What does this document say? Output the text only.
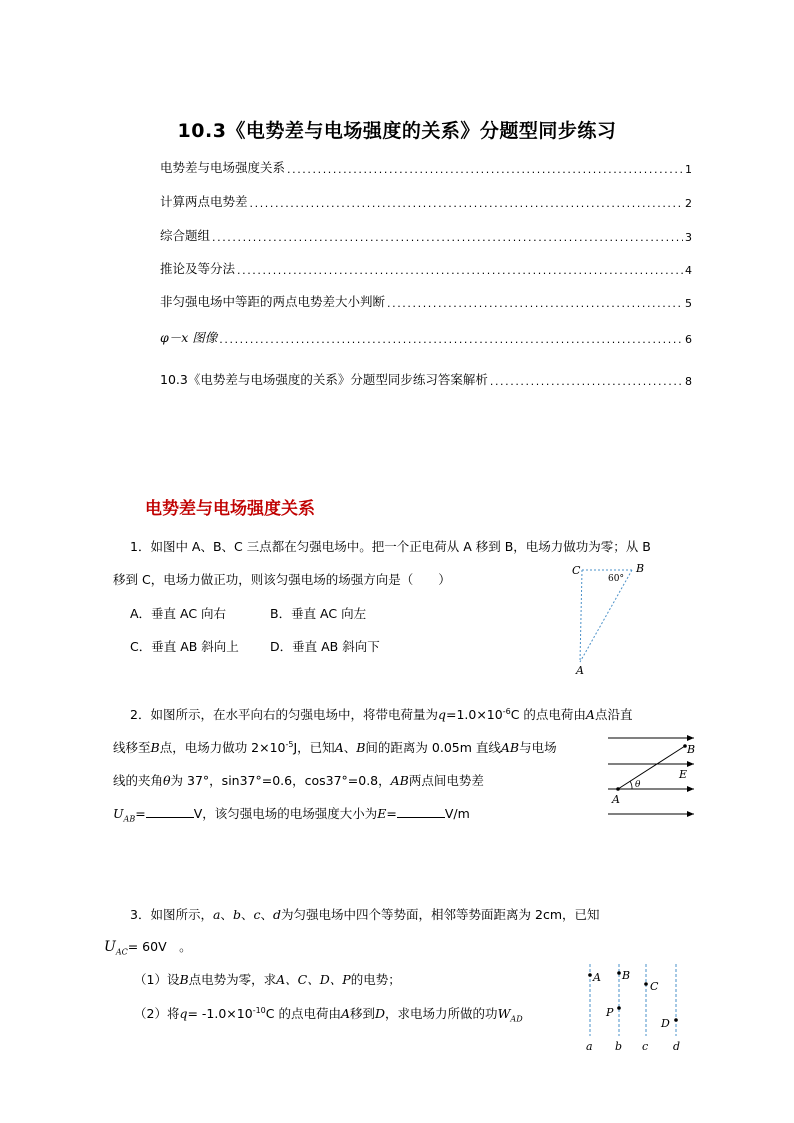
10.3《电势差与电场强度的关系》分题型同步练习
电势差与电场强度关系 .....	1
计算两点电势差 .....	2
综合题组 .....	3
推论及等分法 .....	4
非匀强电场中等距的两点电势差大小判断 .....	5
φ－x 图像 .....	6
10.3《电势差与电场强度的关系》分题型同步练习答案解析 .....	8
电势差与电场强度关系
1．如图中 A、B、C 三点都在匀强电场中。把一个正电荷从 A 移到 B，电场力做功为零；从 B
移到 C，电场力做正功，则该匀强电场的场强方向是（　　）
A．垂直 AC 向右	B．垂直 AC 向左
C．垂直 AB 斜向上 D．垂直 AB 斜向下
C	B
A
60°
2．如图所示，在水平向右的匀强电场中，将带电荷量为$q=1.0\times 10^{-6}C$ 的点电荷由A点沿直
线移至B点，电场力做功 $2\times 10^{-5}J$，已知A、B间的距离为 0.05m 直线AB与电场
线的夹角θ为 37°，sin37°=0.6，cos37°=0.8，AB两点间电势差
$U_{AB}=$	V，该匀强电场的电场强度大小为E=	V/m
B
E
A
θ
3．如图所示，a、b、c、d为匀强电场中四个等势面，相邻等势面距离为 2cm，已知
$U_{AC}= 60V$　。
（1）设B点电势为零，求A、C、D、P的电势；
（2）将$q= -1.0\times 10^{-10}C$ 的点电荷由A移到D，求电场力所做的功$W_{AD}$
A B
C
P
D
a b c d
